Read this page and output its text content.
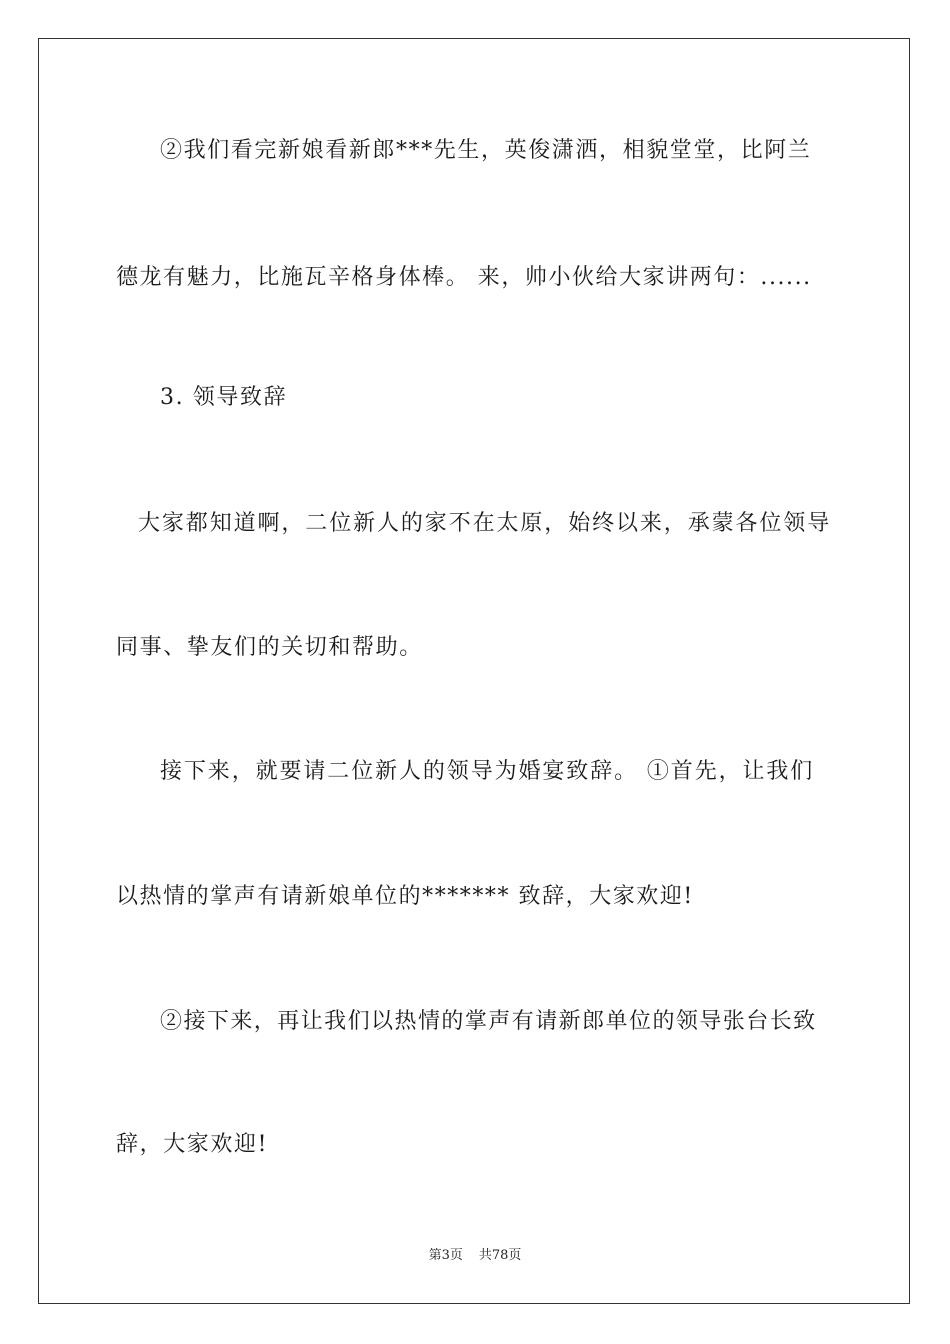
②我们看完新娘看新郎***先生，英俊潇洒，相貌堂堂，比阿兰
德龙有魅力，比施瓦辛格身体棒。 来，帅小伙给大家讲两句：......
3. 领导致辞
大家都知道啊，二位新人的家不在太原，始终以来，承蒙各位领导
同事、挚友们的关切和帮助。
接下来，就要请二位新人的领导为婚宴致辞。 ①首先，让我们
以热情的掌声有请新娘单位的******* 致辞，大家欢迎!
②接下来，再让我们以热情的掌声有请新郎单位的领导张台长致
辞，大家欢迎!
第3页 共78页
